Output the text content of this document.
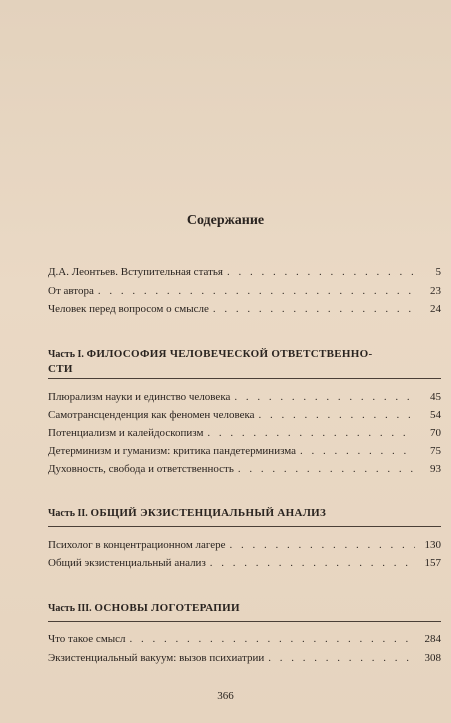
Содержание
Д.А. Леонтьев. Вступительная статья . . .	5
От автора . . .	23
Человек перед вопросом о смысле . . .	24
Часть I. ФИЛОСОФИЯ ЧЕЛОВЕЧЕСКОЙ ОТВЕТСТВЕННО-
СТИ
Плюрализм науки и единство человека . . .	45
Самотрансценденция как феномен человека . . .	54
Потенциализм и калейдоскопизм . . .	70
Детерминизм и гуманизм: критика пандетерминизма . . .	75
Духовность, свобода и ответственность . . .	93
Часть II. ОБЩИЙ ЭКЗИСТЕНЦИАЛЬНЫЙ АНАЛИЗ
Психолог в концентрационном лагере . . .	130
Общий экзистенциальный анализ . . .	157
Часть III. ОСНОВЫ ЛОГОТЕРАПИИ
Что такое смысл . . .	284
Экзистенциальный вакуум: вызов психиатрии . . .	308
366
